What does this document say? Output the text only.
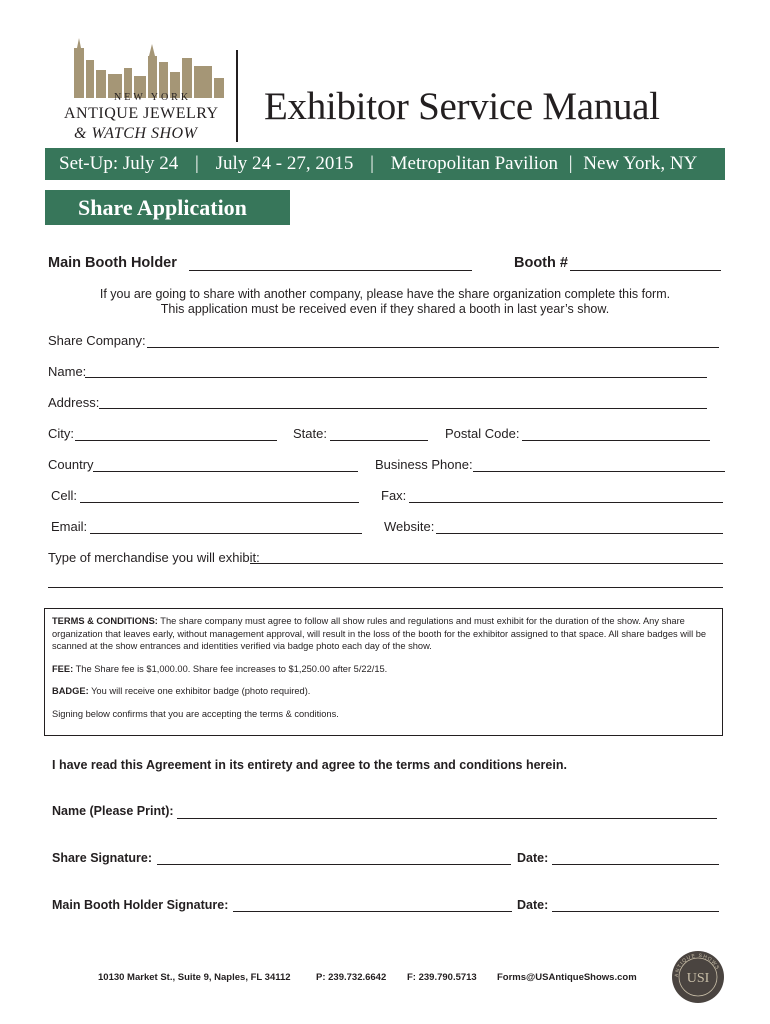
NEW YORK
ANTIQUE JEWELRY
& WATCH SHOW
Exhibitor Service Manual
Set-Up: July 24 | July 24 - 27, 2015 | Metropolitan Pavilion | New York, NY
Share Application
Main Booth Holder	Booth #
If you are going to share with another company, please have the share organization complete this form.
This application must be received even if they shared a booth in last year’s show.
Share Company:
Name:
Address:
City:	State:	Postal Code:
Country	Business Phone:
Cell:	Fax:
Email:	Website:
Type of merchandise you will exhibit:

TERMS & CONDITIONS: The share company must agree to follow all show rules and regulations and must exhibit for the duration of the show. Any share organization that leaves early, without management approval, will result in the loss of the booth for the exhibitor assigned to that space. All share badges will be scanned at the show entrances and identities verified via badge photo each day of the show.

FEE: The Share fee is $1,000.00. Share fee increases to $1,250.00 after 5/22/15.

BADGE: You will receive one exhibitor badge (photo required).

Signing below confirms that you are accepting the terms & conditions.

I have read this Agreement in its entirety and agree to the terms and conditions herein.
Name (Please Print):
Share Signature:	Date:
Main Booth Holder Signature:	Date:
10130 Market St., Suite 9, Naples, FL 34112	P: 239.732.6642 F: 239.790.5713 Forms@USAntiqueShows.com	USI
ANTIQUE SHOWS
